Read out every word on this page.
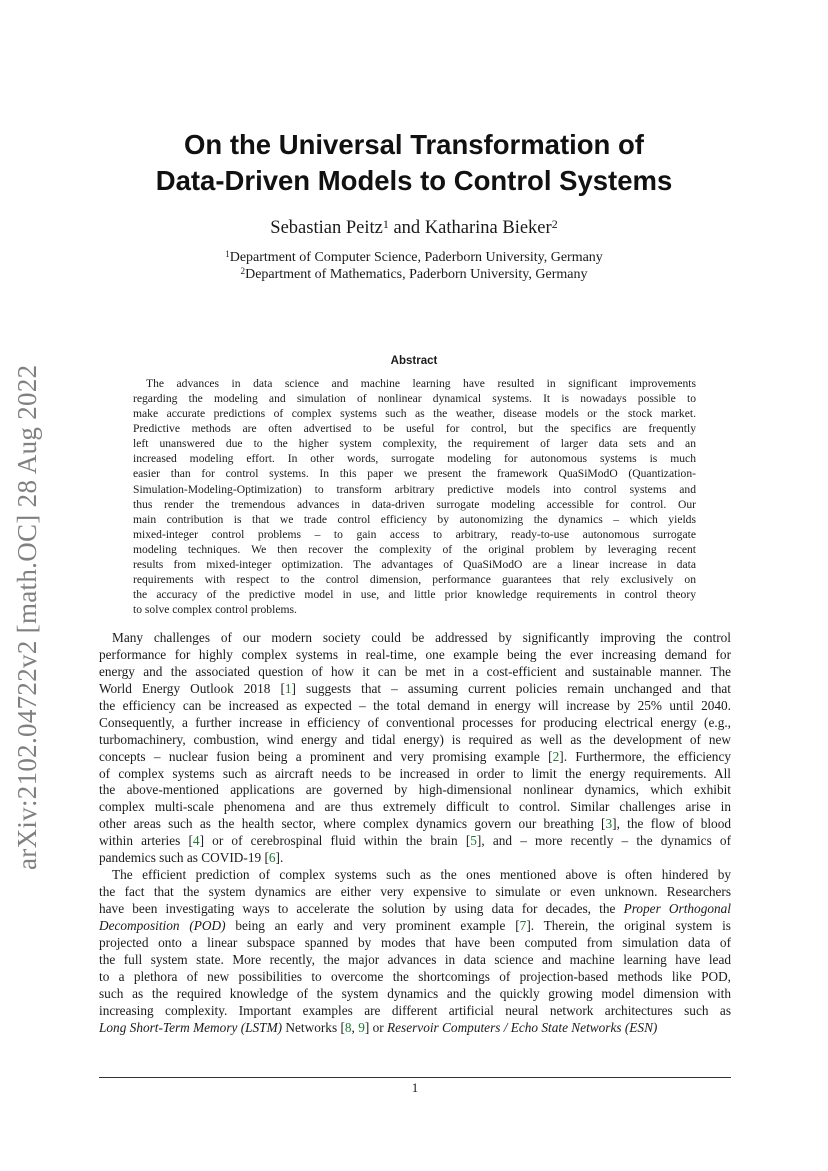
arXiv:2102.04722v2 [math.OC] 28 Aug 2022
On the Universal Transformation of
Data-Driven Models to Control Systems
Sebastian Peitz$^1$ and Katharina Bieker$^2$
$^1$Department of Computer Science, Paderborn University, Germany
$^2$Department of Mathematics, Paderborn University, Germany
Abstract
The advances in data science and machine learning have resulted in significant improvements
regarding the modeling and simulation of nonlinear dynamical systems. It is nowadays possible to
make accurate predictions of complex systems such as the weather, disease models or the stock market.
Predictive methods are often advertised to be useful for control, but the specifics are frequently
left unanswered due to the higher system complexity, the requirement of larger data sets and an
increased modeling effort. In other words, surrogate modeling for autonomous systems is much
easier than for control systems. In this paper we present the framework QuaSiModO (Quantization-
Simulation-Modeling-Optimization) to transform arbitrary predictive models into control systems and
thus render the tremendous advances in data-driven surrogate modeling accessible for control. Our
main contribution is that we trade control efficiency by autonomizing the dynamics – which yields
mixed-integer control problems – to gain access to arbitrary, ready-to-use autonomous surrogate
modeling techniques. We then recover the complexity of the original problem by leveraging recent
results from mixed-integer optimization. The advantages of QuaSiModO are a linear increase in data
requirements with respect to the control dimension, performance guarantees that rely exclusively on
the accuracy of the predictive model in use, and little prior knowledge requirements in control theory
to solve complex control problems.
Many challenges of our modern society could be addressed by significantly improving the control
performance for highly complex systems in real-time, one example being the ever increasing demand for
energy and the associated question of how it can be met in a cost-efficient and sustainable manner. The
World Energy Outlook 2018 [1] suggests that – assuming current policies remain unchanged and that
the efficiency can be increased as expected – the total demand in energy will increase by 25% until 2040.
Consequently, a further increase in efficiency of conventional processes for producing electrical energy (e.g.,
turbomachinery, combustion, wind energy and tidal energy) is required as well as the development of new
concepts – nuclear fusion being a prominent and very promising example [2]. Furthermore, the efficiency
of complex systems such as aircraft needs to be increased in order to limit the energy requirements. All
the above-mentioned applications are governed by high-dimensional nonlinear dynamics, which exhibit
complex multi-scale phenomena and are thus extremely difficult to control. Similar challenges arise in
other areas such as the health sector, where complex dynamics govern our breathing [3], the flow of blood
within arteries [4] or of cerebrospinal fluid within the brain [5], and – more recently – the dynamics of
pandemics such as COVID-19 [6].
The efficient prediction of complex systems such as the ones mentioned above is often hindered by
the fact that the system dynamics are either very expensive to simulate or even unknown. Researchers
have been investigating ways to accelerate the solution by using data for decades, the Proper Orthogonal
Decomposition (POD) being an early and very prominent example [7]. Therein, the original system is
projected onto a linear subspace spanned by modes that have been computed from simulation data of
the full system state. More recently, the major advances in data science and machine learning have lead
to a plethora of new possibilities to overcome the shortcomings of projection-based methods like POD,
such as the required knowledge of the system dynamics and the quickly growing model dimension with
increasing complexity. Important examples are different artificial neural network architectures such as
Long Short-Term Memory (LSTM) Networks [8, 9] or Reservoir Computers / Echo State Networks (ESN)
1
